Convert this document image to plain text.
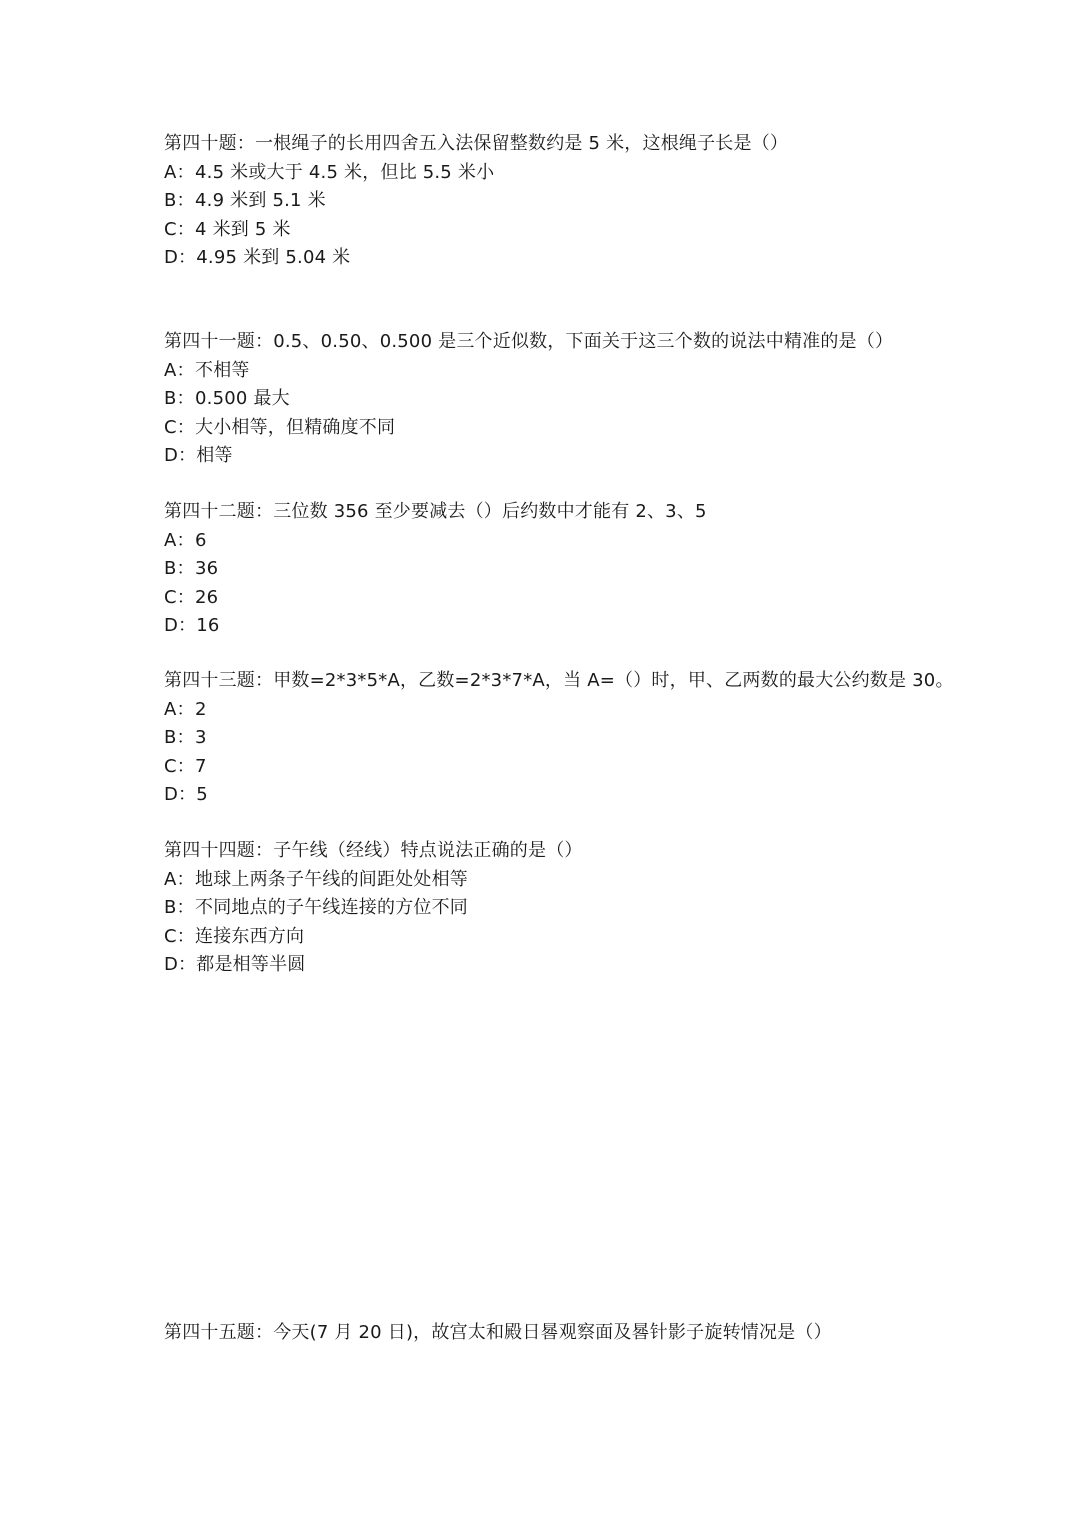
第四十题：一根绳子的长用四舍五入法保留整数约是 5 米，这根绳子长是（）
A：4.5 米或大于 4.5 米，但比 5.5 米小
B：4.9 米到 5.1 米
C：4 米到 5 米
D：4.95 米到 5.04 米
第四十一题：0.5、0.50、0.500 是三个近似数，下面关于这三个数的说法中精准的是（）
A：不相等
B：0.500 最大
C：大小相等，但精确度不同
D：相等
第四十二题：三位数 356 至少要减去（）后约数中才能有 2、3、5
A：6
B：36
C：26
D：16
第四十三题：甲数=2*3*5*A，乙数=2*3*7*A，当 A=（）时，甲、乙两数的最大公约数是 30。
A：2
B：3
C：7
D：5
第四十四题：子午线（经线）特点说法正确的是（）
A：地球上两条子午线的间距处处相等
B：不同地点的子午线连接的方位不同
C：连接东西方向
D：都是相等半圆
第四十五题：今天(7 月 20 日)，故宫太和殿日晷观察面及晷针影子旋转情况是（）
